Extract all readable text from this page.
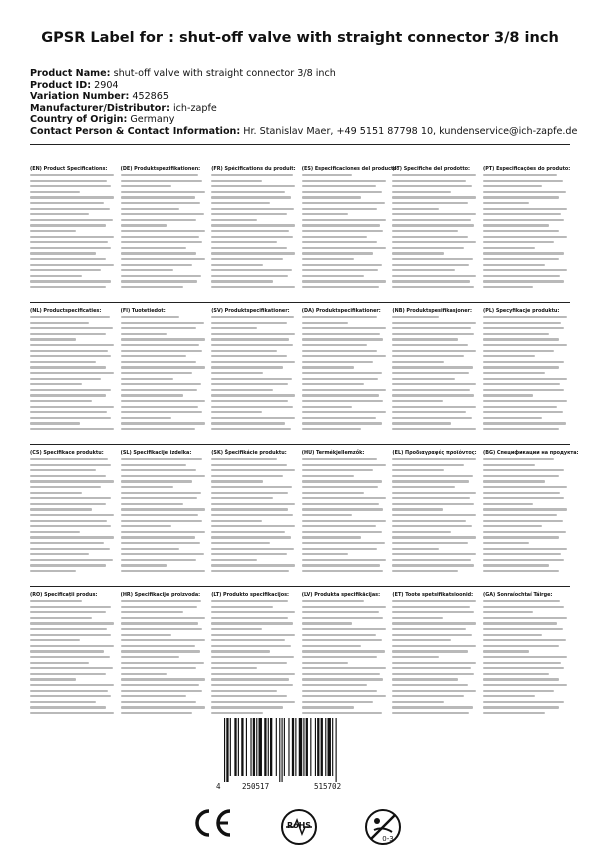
GPSR Label for : shut-off valve with straight connector 3/8 inch
Product Name: shut-off valve with straight connector 3/8 inch
Product ID: 2904
Variation Number: 452865
Manufacturer/Distributor: ich-zapfe
Country of Origin: Germany
Contact Person & Contact Information: Hr. Stanislav Maer, +49 5151 87798 10, kundenservice@ich-zapfe.de
(EN) Product Specifications:	(DE) Produktspezifikationen:	(FR) Spécifications du produit:	(ES) Especificaciones del producto:
(IT) Specifiche del prodotto:	(PT) Especificações do produto:
(NL) Productspecificaties:	(FI) Tuotetiedot:	(SV) Produktspecifikationer:	(DA) Produktspecifikationer:	(NB) Produktspesifikasjoner:	(PL) Specyfikacje produktu:
(CS) Specifikace produktu:	(SL) Specifikacije izdelka:	(SK) Špecifikácie produktu:	(HU) Termékjellemzők:	(EL) Προδιαγραφές προϊόντος:	(BG) Спецификации на продукта:
(RO) Specificații produs:	(HR) Specifikacije proizvoda:	(LT) Produkto specifikacijos:	(LV) Produkta specifikācijas:	(ET) Toote spetsifikatsioonid:	(GA) Sonraíochtaí Táirge:
4	250517	515702
RoHS
0-3
